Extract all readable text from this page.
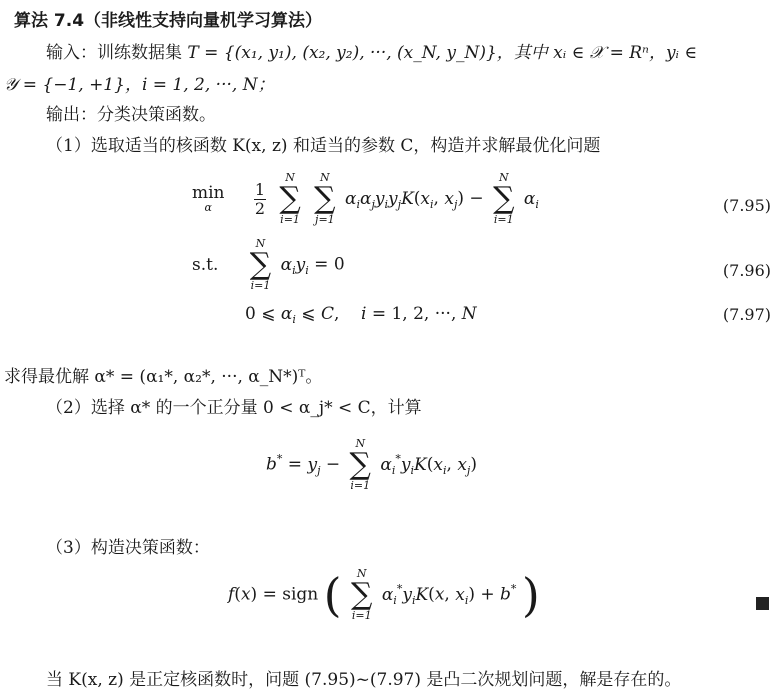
算法 7.4（非线性支持向量机学习算法）
输入：训练数据集 T = {(x₁, y₁), (x₂, y₂), ···, (x_N, y_N)}，其中 xᵢ ∈ 𝒳 = Rⁿ，yᵢ ∈
𝒴 = {−1, +1}，i = 1, 2, ···, N；
输出：分类决策函数。
（1）选取适当的核函数 K(x, z) 和适当的参数 C，构造并求解最优化问题
min
α
	$\frac{1}{2}$

N
∑
i=1

N
∑
j=1
$\alpha_i\alpha_jy_iy_jK(x_i$, $x_j$) −
N
∑
i=1
$\alpha_i$	(7.95)
s.t.
N
∑
i=1
$\alpha_iy_i = 0$	(7.96)
0 ⩽ $\alpha_i$ ⩽ C,    i = 1, 2, ···, N	(7.97)
求得最优解 α* = (α₁*, α₂*, ···, α_N*)ᵀ。
（2）选择 α* 的一个正分量 0 < α_j* < C，计算
$b^* = y_j$ −
N
∑
i=1
$\alpha_i^*y_iK(x_i$, $x_j$)
（3）构造决策函数：
f(x) = sign ( N
∑
i=1
$\alpha_i^*y_iK(x$, $x_i) + b^*$ )
当 K(x, z) 是正定核函数时，问题 (7.95)~(7.97) 是凸二次规划问题，解是存在的。
